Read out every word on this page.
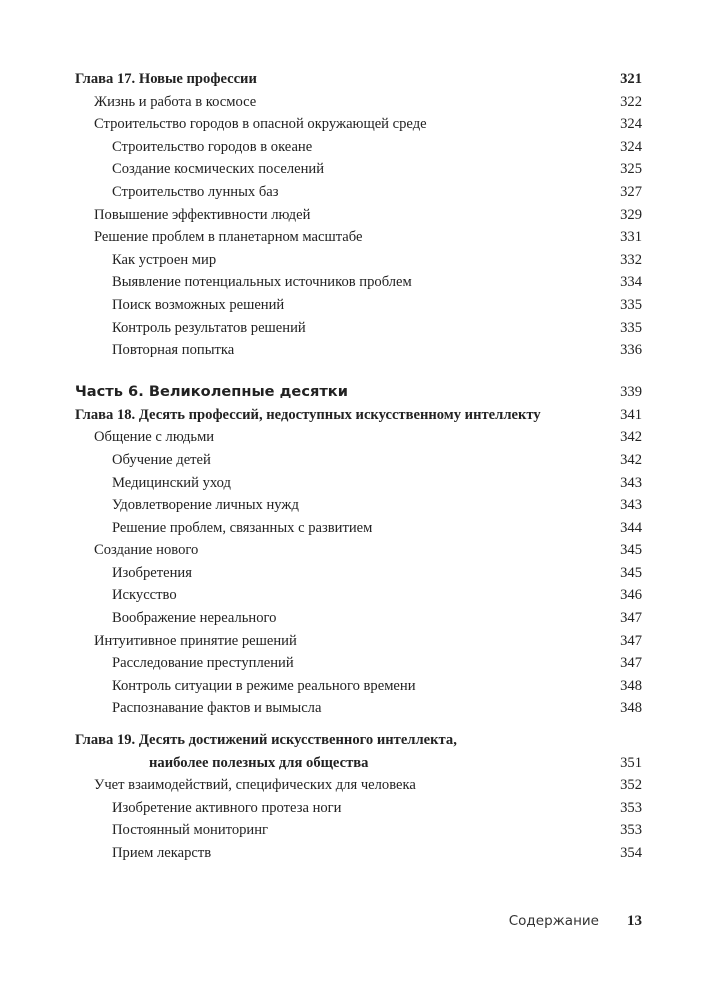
Глава 17. Новые профессии	321
Жизнь и работа в космосе	322
Строительство городов в опасной окружающей среде	324
Строительство городов в океане	324
Создание космических поселений	325
Строительство лунных баз	327
Повышение эффективности людей	329
Решение проблем в планетарном масштабе	331
Как устроен мир	332
Выявление потенциальных источников проблем	334
Поиск возможных решений	335
Контроль результатов решений	335
Повторная попытка	336
Часть 6. Великолепные десятки	339
Глава 18. Десять профессий, недоступных искусственному интеллекту	341
Общение с людьми	342
Обучение детей	342
Медицинский уход	343
Удовлетворение личных нужд	343
Решение проблем, связанных с развитием	344
Создание нового	345
Изобретения	345
Искусство	346
Воображение нереального	347
Интуитивное принятие решений	347
Расследование преступлений	347
Контроль ситуации в режиме реального времени	348
Распознавание фактов и вымысла	348
Глава 19. Десять достижений искусственного интеллекта,
наиболее полезных для общества	351
Учет взаимодействий, специфических для человека	352
Изобретение активного протеза ноги	353
Постоянный мониторинг	353
Прием лекарств	354
Содержание 13
